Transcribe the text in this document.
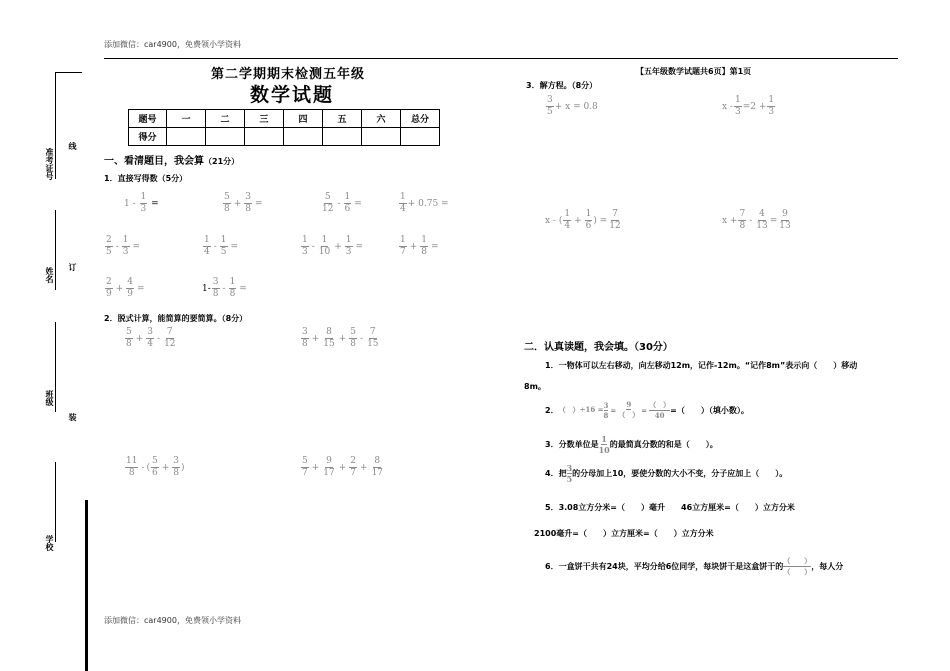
添加微信：car4900，免费领小学资料
添加微信：car4900，免费领小学资料
准考证号
线
姓名 订
班级
装
学校
第二学期期末检测五年级
数学试题
【五年级数学试题共6页】第1页
题号	一	二	三	四	五	六	总分
得分							
一、看清题目，我会算（21分）
1．直接写得数（5分）
$1 - \frac{1}{3}$ =	$\frac{5}{8} + \frac{3}{8}$ =	$\frac{5}{12} - \frac{1}{6}$ =	$\frac{1}{4} + 0.75$ =
$\frac{2}{5} - \frac{1}{3}$ =	$\frac{1}{4} - \frac{1}{5}$ =	$\frac{1}{3} - \frac{1}{10} + \frac{1}{3}$ =	$\frac{1}{7} + \frac{1}{8}$ =
$\frac{2}{9} + \frac{4}{9}$ =	$1- \frac{3}{8} - \frac{1}{8}$ =
2．脱式计算，能简算的要简算。（8分）
$\frac{5}{8} + \frac{3}{4} - \frac{7}{12}$	$\frac{3}{8} + \frac{8}{15} + \frac{5}{8} - \frac{7}{15}$
$\frac{11}{8}$ - ( $\frac{5}{6} + \frac{3}{8}$ )	$\frac{5}{7} + \frac{9}{17} + \frac{2}{7} + \frac{8}{17}$
3．解方程。（8分）
$\frac{3}{5} + x = 0.8$	$x - \frac{1}{3} =2 + \frac{1}{3}$
x - ( $\frac{1}{4} + \frac{1}{6}$ ) = $\frac{7}{12}$	$x + \frac{7}{8} - \frac{4}{13} = \frac{9}{13}$
二．认真读题，我会填。（30分）
1．一物体可以左右移动，向左移动12m，记作-12m。“记作8m”表示向（　　）移动
8m。
2． （　）$\div 16 = \frac{3}{8}$ =
9
（　） =
（　）
40
=（　　）（填小数）。
3．分数单位是
1
10
的最简真分数的和是（　　）。
4．把
3
5
的分母加上10，要使分数的大小不变，分子应加上（　　）。
5．3.08立方分米=（　　）毫升　　46立方厘米=（　　）立方分米
2100毫升=（　　）立方厘米=（　　）立方分米
6．一盒饼干共有24块，平均分给6位同学，每块饼干是这盒饼干的
（　　）
（　　）
，每人分
